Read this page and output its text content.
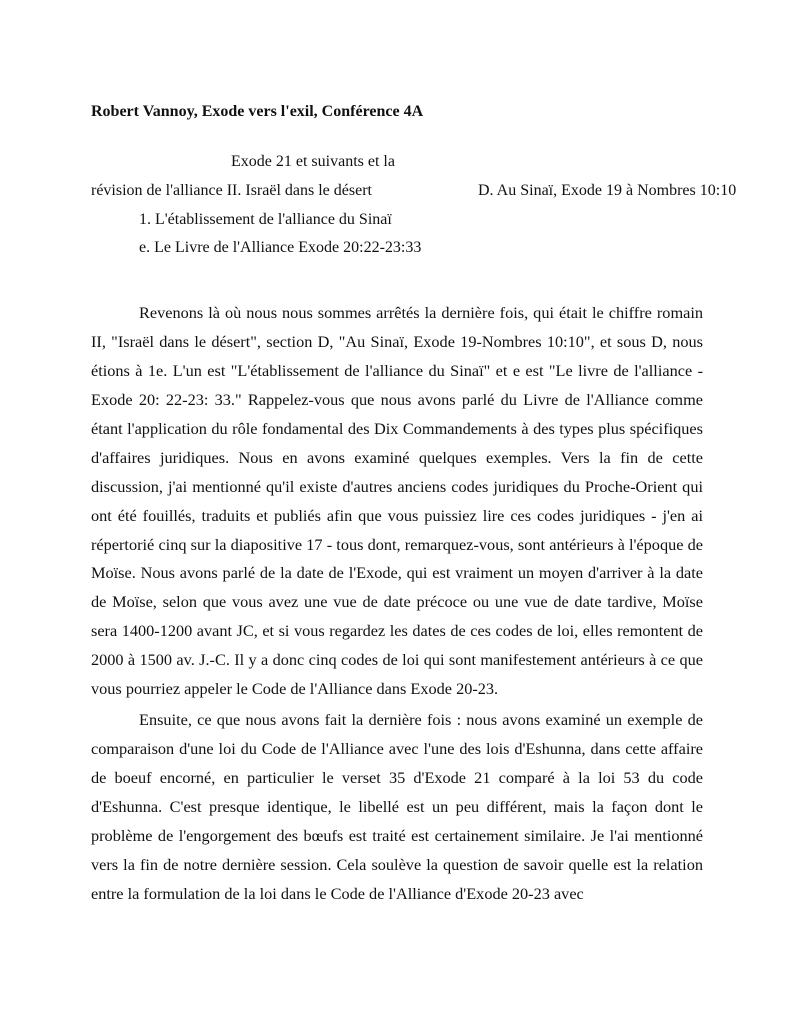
Robert Vannoy, Exode vers l'exil, Conférence 4A
Exode 21 et suivants et la
révision de l'alliance II. Israël dans le désert	D. Au Sinaï, Exode 19 à Nombres 10:10
1. L'établissement de l'alliance du Sinaï
e. Le Livre de l'Alliance Exode 20:22-23:33

Revenons là où nous nous sommes arrêtés la dernière fois, qui était le chiffre romain II, "Israël dans le désert", section D, "Au Sinaï, Exode 19-Nombres 10:10", et sous D, nous étions à 1e. L'un est "L'établissement de l'alliance du Sinaï" et e est "Le livre de l'alliance - Exode 20: 22-23: 33." Rappelez-vous que nous avons parlé du Livre de l'Alliance comme étant l'application du rôle fondamental des Dix Commandements à des types plus spécifiques d'affaires juridiques. Nous en avons examiné quelques exemples. Vers la fin de cette discussion, j'ai mentionné qu'il existe d'autres anciens codes juridiques du Proche-Orient qui ont été fouillés, traduits et publiés afin que vous puissiez lire ces codes juridiques - j'en ai répertorié cinq sur la diapositive 17 - tous dont, remarquez-vous, sont antérieurs à l'époque de Moïse. Nous avons parlé de la date de l'Exode, qui est vraiment un moyen d'arriver à la date de Moïse, selon que vous avez une vue de date précoce ou une vue de date tardive, Moïse sera 1400-1200 avant JC, et si vous regardez les dates de ces codes de loi, elles remontent de 2000 à 1500 av. J.-C. Il y a donc cinq codes de loi qui sont manifestement antérieurs à ce que vous pourriez appeler le Code de l'Alliance dans Exode 20-23.

Ensuite, ce que nous avons fait la dernière fois : nous avons examiné un exemple de comparaison d'une loi du Code de l'Alliance avec l'une des lois d'Eshunna, dans cette affaire de boeuf encorné, en particulier le verset 35 d'Exode 21 comparé à la loi 53 du code d'Eshunna. C'est presque identique, le libellé est un peu différent, mais la façon dont le problème de l'engorgement des bœufs est traité est certainement similaire. Je l'ai mentionné vers la fin de notre dernière session. Cela soulève la question de savoir quelle est la relation entre la formulation de la loi dans le Code de l'Alliance d'Exode 20-23 avec
